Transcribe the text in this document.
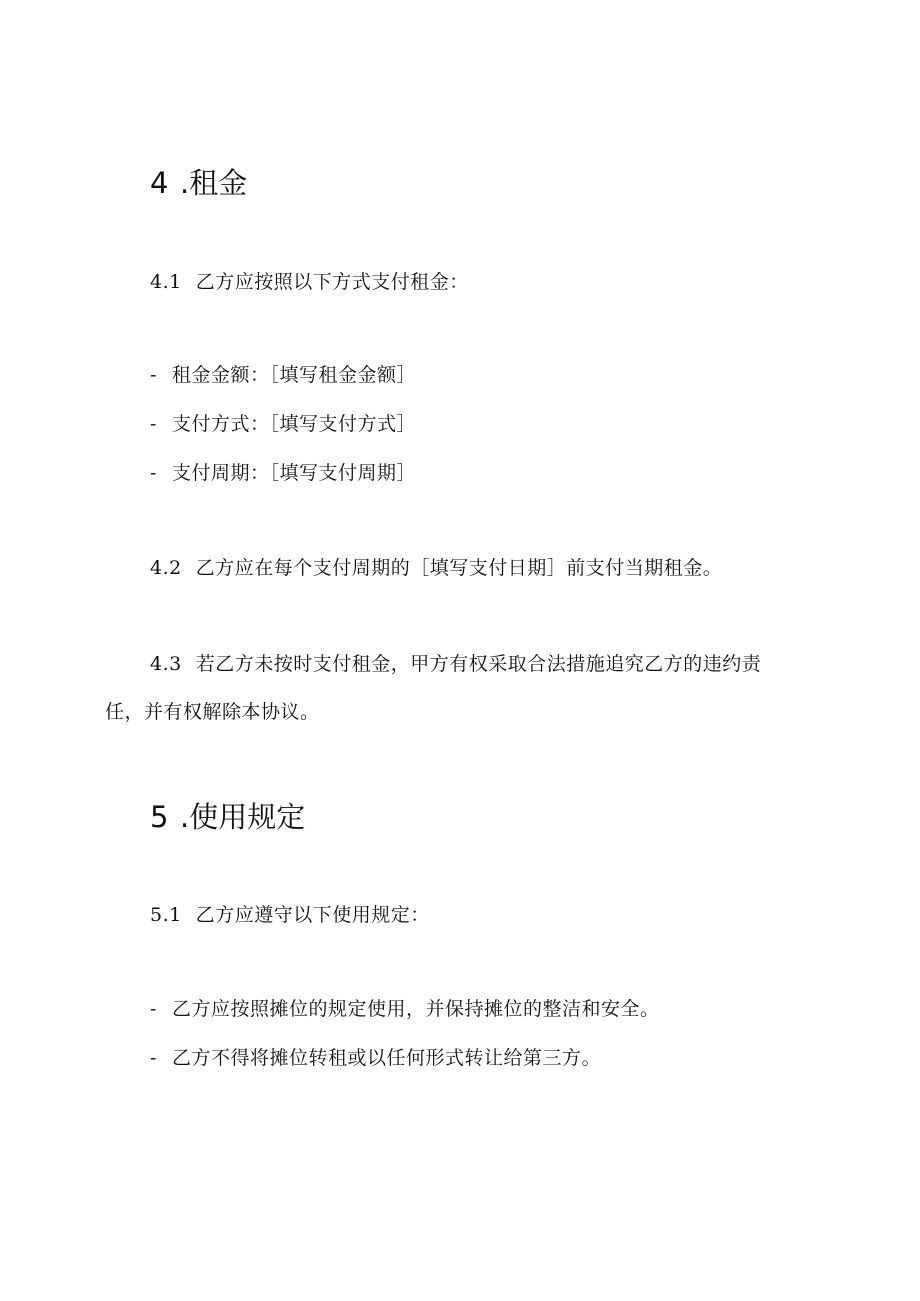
4 .租金
4.1 乙方应按照以下方式支付租金：
- 租金金额：［填写租金金额］
- 支付方式：［填写支付方式］
- 支付周期：［填写支付周期］
4.2 乙方应在每个支付周期的［填写支付日期］前支付当期租金。
4.3 若乙方未按时支付租金，甲方有权采取合法措施追究乙方的违约责
任，并有权解除本协议。
5 .使用规定
5.1 乙方应遵守以下使用规定：
- 乙方应按照摊位的规定使用，并保持摊位的整洁和安全。
- 乙方不得将摊位转租或以任何形式转让给第三方。
